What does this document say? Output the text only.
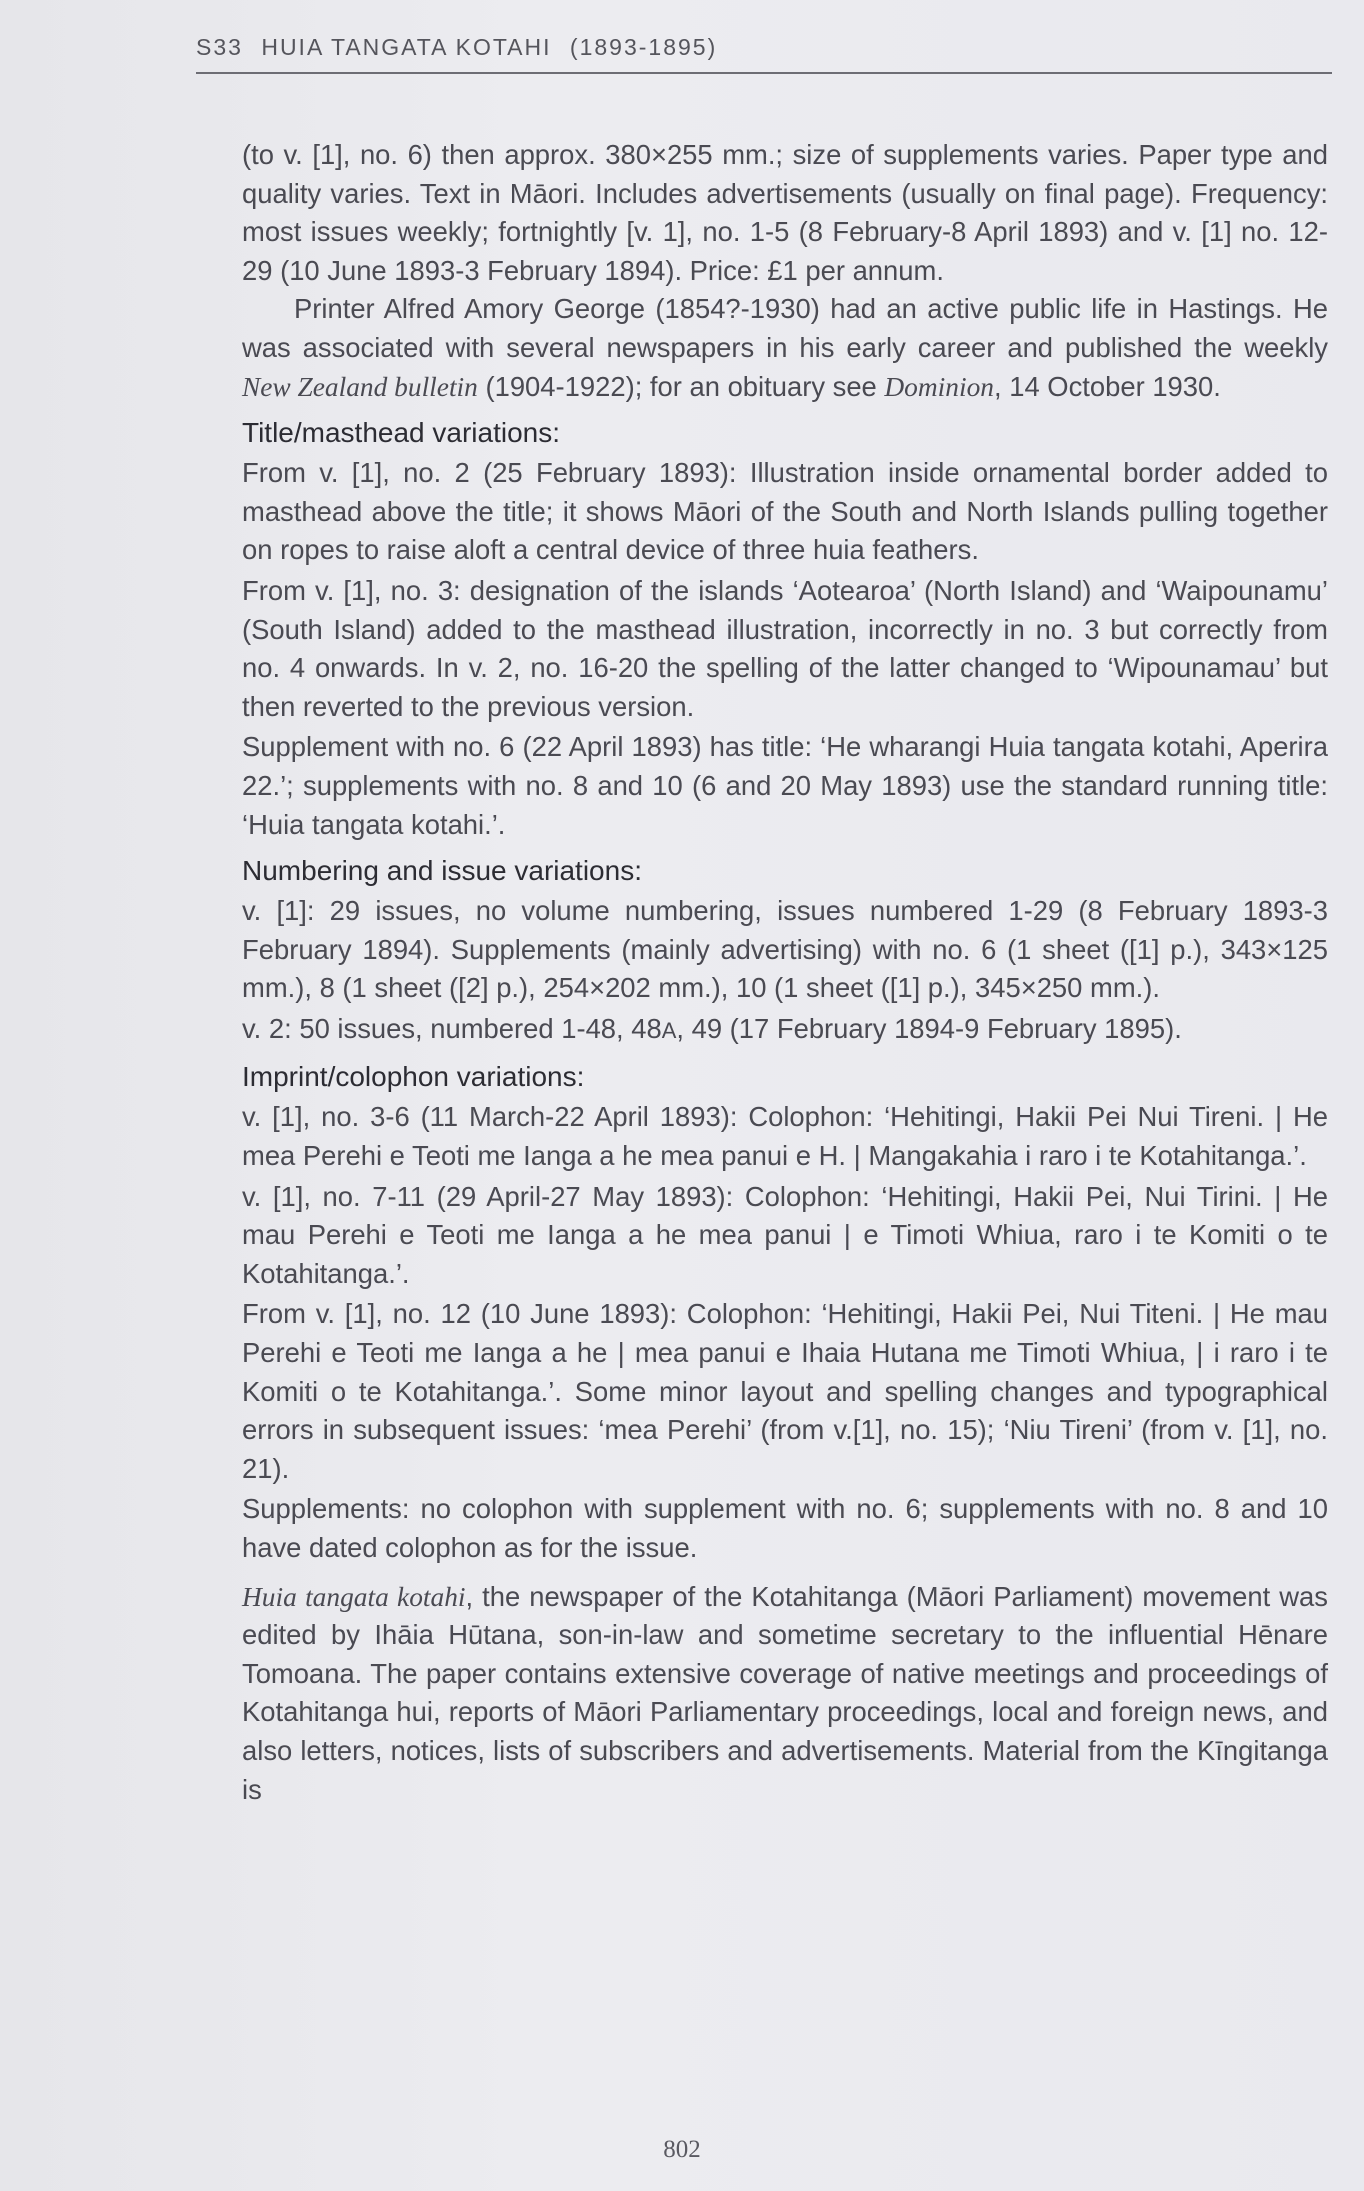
S33 HUIA TANGATA KOTAHI (1893-1895)

(to v. [1], no. 6) then approx. 380×255 mm.; size of supplements varies. Paper type and quality varies. Text in Māori. Includes advertisements (usually on final page). Frequency: most issues weekly; fortnightly [v. 1], no. 1-5 (8 February-8 April 1893) and v. [1] no. 12-29 (10 June 1893-3 February 1894). Price: £1 per annum.

Printer Alfred Amory George (1854?-1930) had an active public life in Hastings. He was associated with several newspapers in his early career and published the weekly New Zealand bulletin (1904-1922); for an obituary see Dominion, 14 October 1930.

Title/masthead variations:

From v. [1], no. 2 (25 February 1893): Illustration inside ornamental border added to masthead above the title; it shows Māori of the South and North Islands pulling together on ropes to raise aloft a central device of three huia feathers.

From v. [1], no. 3: designation of the islands ‘Aotearoa’ (North Island) and ‘Waipounamu’ (South Island) added to the masthead illustration, incorrectly in no. 3 but correctly from no. 4 onwards. In v. 2, no. 16-20 the spelling of the latter changed to ‘Wipounamau’ but then reverted to the previous version.

Supplement with no. 6 (22 April 1893) has title: ‘He wharangi Huia tangata kotahi, Aperira 22.’; supplements with no. 8 and 10 (6 and 20 May 1893) use the standard running title: ‘Huia tangata kotahi.’.

Numbering and issue variations:

v. [1]: 29 issues, no volume numbering, issues numbered 1-29 (8 February 1893-3 February 1894). Supplements (mainly advertising) with no. 6 (1 sheet ([1] p.), 343×125 mm.), 8 (1 sheet ([2] p.), 254×202 mm.), 10 (1 sheet ([1] p.), 345×250 mm.).

v. 2: 50 issues, numbered 1-48, 48A, 49 (17 February 1894-9 February 1895).

Imprint/colophon variations:

v. [1], no. 3-6 (11 March-22 April 1893): Colophon: ‘Hehitingi, Hakii Pei Nui Tireni. | He mea Perehi e Teoti me Ianga a he mea panui e H. | Mangakahia i raro i te Kotahitanga.’.

v. [1], no. 7-11 (29 April-27 May 1893): Colophon: ‘Hehitingi, Hakii Pei, Nui Tirini. | He mau Perehi e Teoti me Ianga a he mea panui | e Timoti Whiua, raro i te Komiti o te Kotahitanga.’.

From v. [1], no. 12 (10 June 1893): Colophon: ‘Hehitingi, Hakii Pei, Nui Titeni. | He mau Perehi e Teoti me Ianga a he | mea panui e Ihaia Hutana me Timoti Whiua, | i raro i te Komiti o te Kotahitanga.’. Some minor layout and spelling changes and typographical errors in subsequent issues: ‘mea Perehi’ (from v.[1], no. 15); ‘Niu Tireni’ (from v. [1], no. 21).

Supplements: no colophon with supplement with no. 6; supplements with no. 8 and 10 have dated colophon as for the issue.

Huia tangata kotahi, the newspaper of the Kotahitanga (Māori Parliament) movement was edited by Ihāia Hūtana, son-in-law and sometime secretary to the influential Hēnare Tomoana. The paper contains extensive coverage of native meetings and proceedings of Kotahitanga hui, reports of Māori Parliamentary proceedings, local and foreign news, and also letters, notices, lists of subscribers and advertisements. Material from the Kīngitanga is

802
